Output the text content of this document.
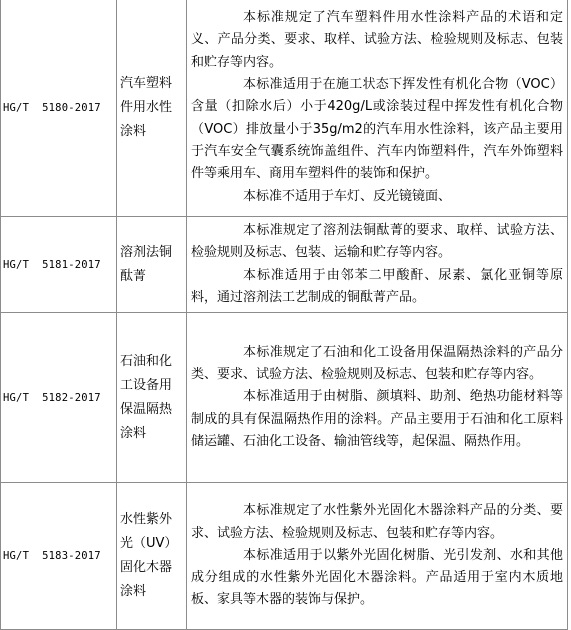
HG/T  5180-2017	汽车塑料件用水性涂料	本标准规定了汽车塑料件用水性涂料产品的术语和定义、产品分类、要求、取样、试验方法、检验规则及标志、包装和贮存等内容。

本标准适用于在施工状态下挥发性有机化合物（VOC）含量（扣除水后）小于420g/L或涂装过程中挥发性有机化合物（VOC）排放量小于35g/m2的汽车用水性涂料，该产品主要用于汽车安全气囊系统饰盖组件、汽车内饰塑料件，汽车外饰塑料件等乘用车、商用车塑料件的装饰和保护。

本标准不适用于车灯、反光镜镜面、

HG/T  5181-2017	溶剂法铜酞菁	本标准规定了溶剂法铜酞菁的要求、取样、试验方法、检验规则及标志、包装、运输和贮存等内容。

本标准适用于由邻苯二甲酸酐、尿素、氯化亚铜等原料，通过溶剂法工艺制成的铜酞菁产品。

HG/T  5182-2017	石油和化工设备用保温隔热涂料	本标准规定了石油和化工设备用保温隔热涂料的产品分类、要求、试验方法、检验规则及标志、包装和贮存等内容。

本标准适用于由树脂、颜填料、助剂、绝热功能材料等制成的具有保温隔热作用的涂料。产品主要用于石油和化工原料储运罐、石油化工设备、输油管线等，起保温、隔热作用。

HG/T  5183-2017	水性紫外光（UV）固化木器涂料	本标准规定了水性紫外光固化木器涂料产品的分类、要求、试验方法、检验规则及标志、包装和贮存等内容。

本标准适用于以紫外光固化树脂、光引发剂、水和其他成分组成的水性紫外光固化木器涂料。产品适用于室内木质地板、家具等木器的装饰与保护。
